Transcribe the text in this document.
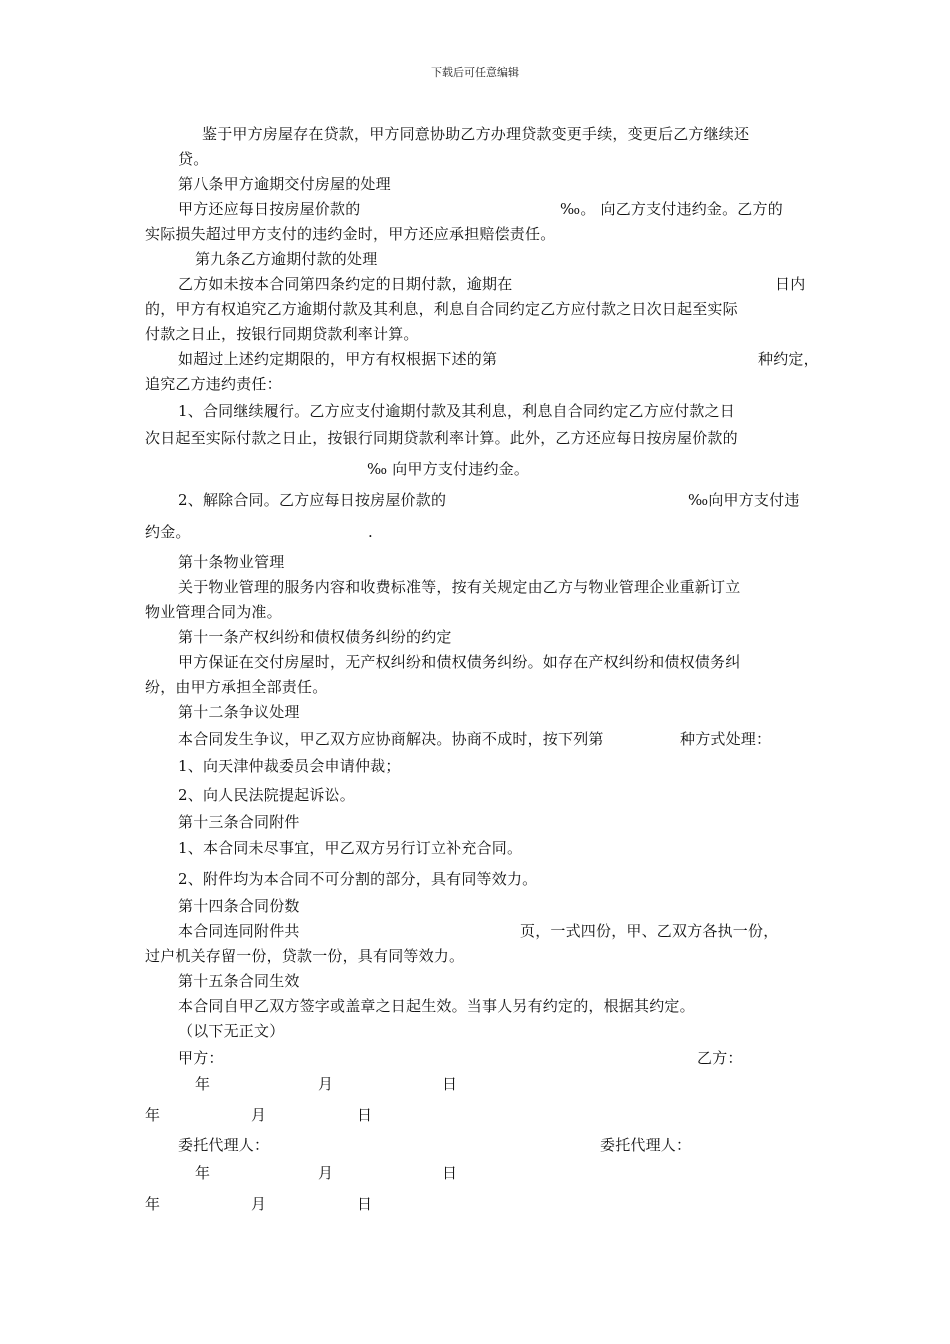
下载后可任意编辑
鉴于甲方房屋存在贷款，甲方同意协助乙方办理贷款变更手续，变更后乙方继续还
贷。
第八条甲方逾期交付房屋的处理
甲方还应每日按房屋价款的	‰。 向乙方支付违约金。乙方的
实际损失超过甲方支付的违约金时，甲方还应承担赔偿责任。
第九条乙方逾期付款的处理
乙方如未按本合同第四条约定的日期付款，逾期在	日内
的，甲方有权追究乙方逾期付款及其利息，利息自合同约定乙方应付款之日次日起至实际
付款之日止，按银行同期贷款利率计算。
如超过上述约定期限的，甲方有权根据下述的第	种约定，
追究乙方违约责任：
1、合同继续履行。乙方应支付逾期付款及其利息，利息自合同约定乙方应付款之日
次日起至实际付款之日止，按银行同期贷款利率计算。此外，乙方还应每日按房屋价款的
‰ 向甲方支付违约金。
2、解除合同。乙方应每日按房屋价款的	‰向甲方支付违
约金。	.
第十条物业管理
关于物业管理的服务内容和收费标准等，按有关规定由乙方与物业管理企业重新订立
物业管理合同为准。
第十一条产权纠纷和债权债务纠纷的约定
甲方保证在交付房屋时，无产权纠纷和债权债务纠纷。如存在产权纠纷和债权债务纠
纷，由甲方承担全部责任。
第十二条争议处理
本合同发生争议，甲乙双方应协商解决。协商不成时，按下列第	种方式处理：
1、向天津仲裁委员会申请仲裁；
2、向人民法院提起诉讼。
第十三条合同附件
1、本合同未尽事宜，甲乙双方另行订立补充合同。
2、附件均为本合同不可分割的部分，具有同等效力。
第十四条合同份数
本合同连同附件共	页，一式四份，甲、乙双方各执一份，
过户机关存留一份，贷款一份，具有同等效力。
第十五条合同生效
本合同自甲乙双方签字或盖章之日起生效。当事人另有约定的，根据其约定。
（以下无正文）
甲方：	乙方：
年	月	日
年	月	日
委托代理人：	委托代理人：
年	月	日
年	月	日
